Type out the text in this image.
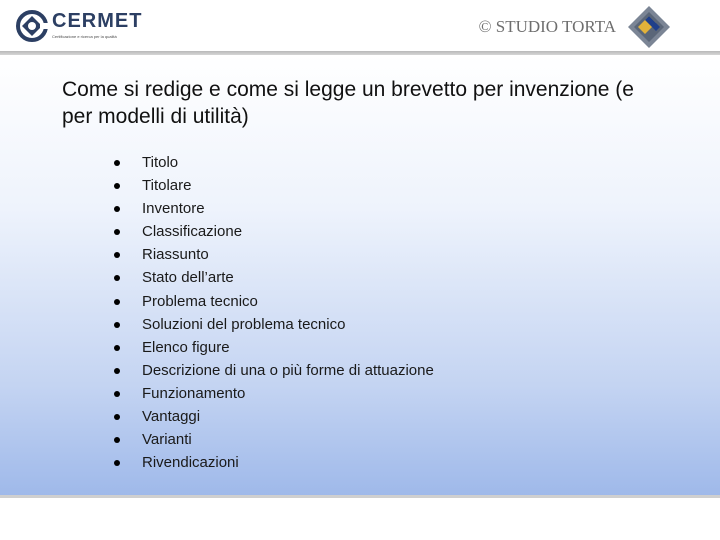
CERMET
Certificazione e ricerca per la qualità
© STUDIO TORTA
Come si redige e come si legge un brevetto per invenzione (e per modelli di utilità)
Titolo
Titolare
Inventore
Classificazione
Riassunto
Stato dell’arte
Problema tecnico
Soluzioni del problema tecnico
Elenco figure
Descrizione di una o più forme di attuazione
Funzionamento
Vantaggi
Varianti
Rivendicazioni
